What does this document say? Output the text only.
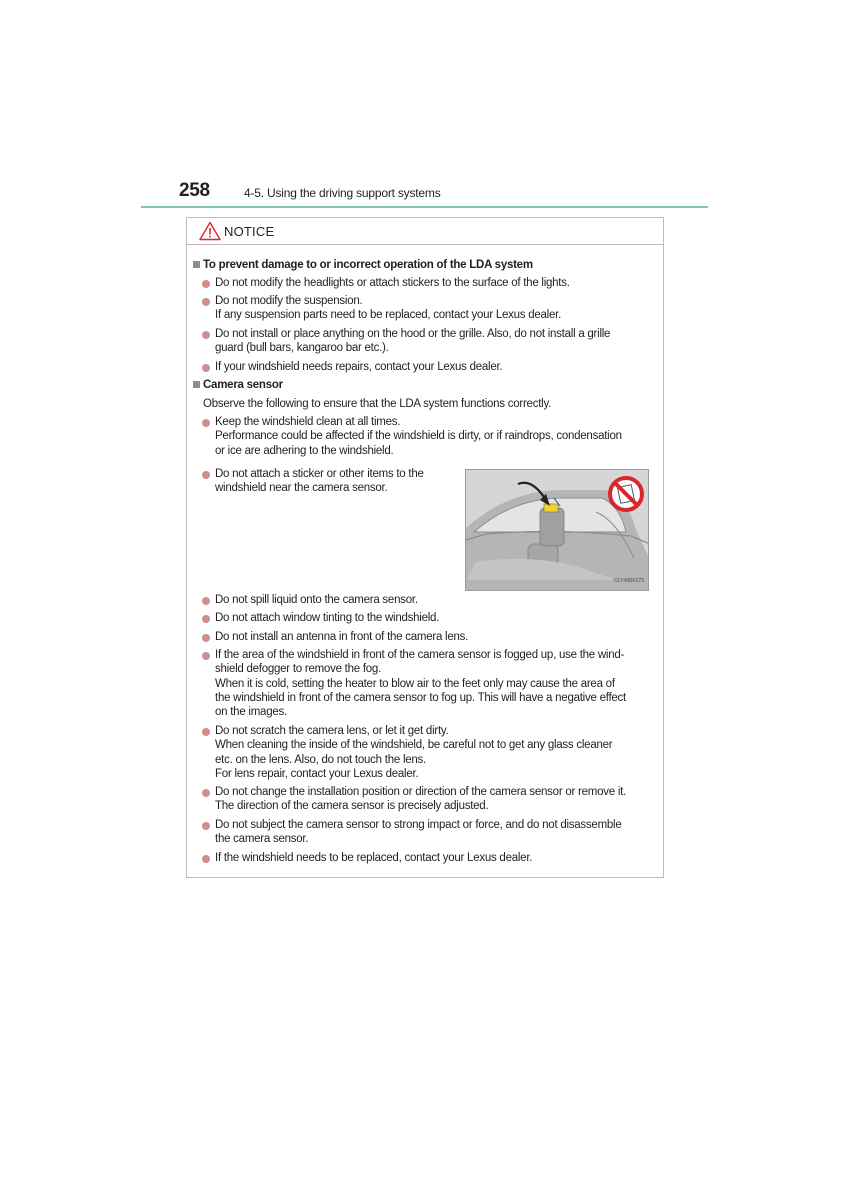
258	4-5. Using the driving support systems
NOTICE
To prevent damage to or incorrect operation of the LDA system
Do not modify the headlights or attach stickers to the surface of the lights.
Do not modify the suspension.
If any suspension parts need to be replaced, contact your Lexus dealer.
Do not install or place anything on the hood or the grille. Also, do not install a grille
guard (bull bars, kangaroo bar etc.).
If your windshield needs repairs, contact your Lexus dealer.
Camera sensor
Observe the following to ensure that the LDA system functions correctly.
Keep the windshield clean at all times.
Performance could be affected if the windshield is dirty, or if raindrops, condensation
or ice are adhering to the windshield.
Do not attach a sticker or other items to the
windshield near the camera sensor.
CLY45BF273
Do not spill liquid onto the camera sensor.
Do not attach window tinting to the windshield.
Do not install an antenna in front of the camera lens.
If the area of the windshield in front of the camera sensor is fogged up, use the wind-
shield defogger to remove the fog.
When it is cold, setting the heater to blow air to the feet only may cause the area of
the windshield in front of the camera sensor to fog up. This will have a negative effect
on the images.
Do not scratch the camera lens, or let it get dirty.
When cleaning the inside of the windshield, be careful not to get any glass cleaner
etc. on the lens. Also, do not touch the lens.
For lens repair, contact your Lexus dealer.
Do not change the installation position or direction of the camera sensor or remove it.
The direction of the camera sensor is precisely adjusted.
Do not subject the camera sensor to strong impact or force, and do not disassemble
the camera sensor.
If the windshield needs to be replaced, contact your Lexus dealer.
